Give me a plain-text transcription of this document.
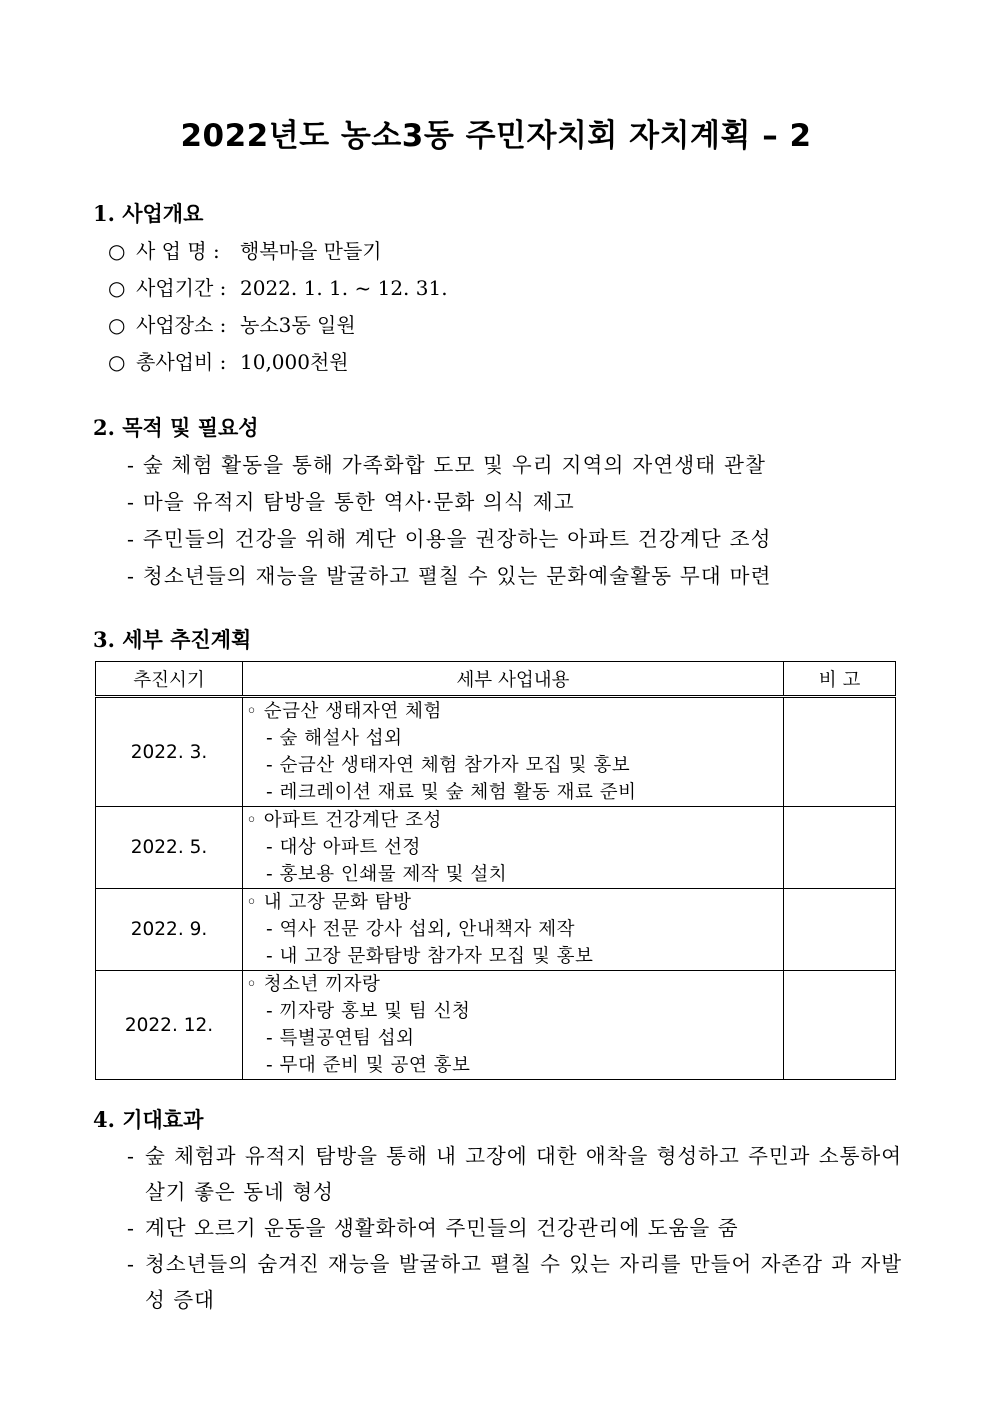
2022년도 농소3동 주민자치회 자치계획 – 2
1. 사업개요
○ 사 업 명 : 행복마을 만들기
○ 사업기간 : 2022. 1. 1. ~ 12. 31.
○ 사업장소 : 농소3동 일원
○ 총사업비 : 10,000천원
2. 목적 및 필요성
- 숲 체험 활동을 통해 가족화합 도모 및 우리 지역의 자연생태 관찰
- 마을 유적지 탐방을 통한 역사·문화 의식 제고
- 주민들의 건강을 위해 계단 이용을 권장하는 아파트 건강계단 조성
- 청소년들의 재능을 발굴하고 펼칠 수 있는 문화예술활동 무대 마련
3. 세부 추진계획
추진시기	세부 사업내용	비 고
2022. 3.	◦ 순금산 생태자연 체험
- 숲 해설사 섭외
- 순금산 생태자연 체험 참가자 모집 및 홍보
- 레크레이션 재료 및 숲 체험 활동 재료 준비	

2022. 5.	◦ 아파트 건강계단 조성
- 대상 아파트 선정
- 홍보용 인쇄물 제작 및 설치	

2022. 9.	◦ 내 고장 문화 탐방
- 역사 전문 강사 섭외, 안내책자 제작
- 내 고장 문화탐방 참가자 모집 및 홍보	

2022. 12.	◦ 청소년 끼자랑
- 끼자랑 홍보 및 팀 신청
- 특별공연팀 섭외
- 무대 준비 및 공연 홍보	

4. 기대효과
- 숲 체험과 유적지 탐방을 통해 내 고장에 대한 애착을 형성하고 주민과 소통하여 살기 좋은 동네 형성
- 계단 오르기 운동을 생활화하여 주민들의 건강관리에 도움을 줌
- 청소년들의 숨겨진 재능을 발굴하고 펼칠 수 있는 자리를 만들어 자존감 과 자발성 증대
